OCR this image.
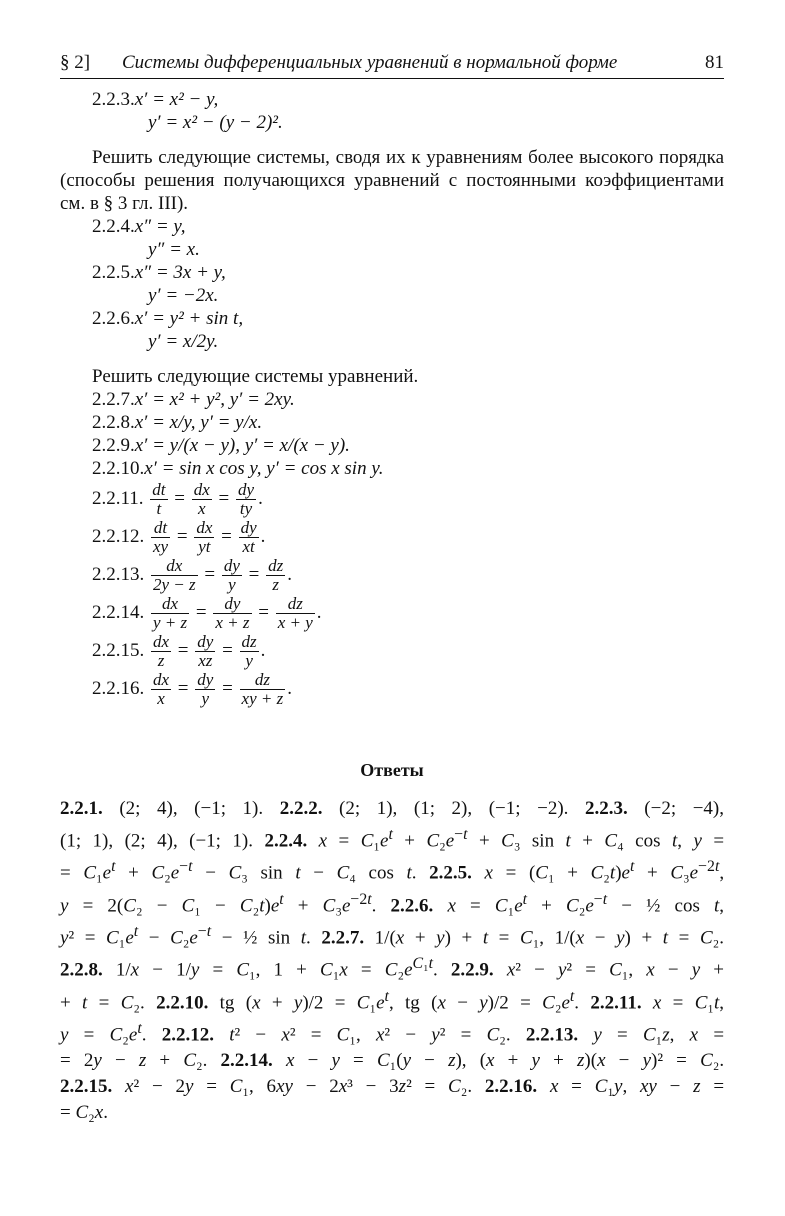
§ 2] Системы дифференциальных уравнений в нормальной форме	81
2.2.3.x′ = x² − y,
y′ = x² − (y − 2)².
Решить следующие системы, сводя их к уравнениям более высокого порядка (способы решения получающихся уравнений с постоянными коэффициентами см. в § 3 гл. III).
2.2.4.x″ = y,
y″ = x.
2.2.5.x″ = 3x + y,
y′ = −2x.
2.2.6.x′ = y² + sin t,
y′ = x/2y.
Решить следующие системы уравнений.
2.2.7.x′ = x² + y², y′ = 2xy.
2.2.8.x′ = x/y, y′ = y/x.
2.2.9.x′ = y/(x − y), y′ = x/(x − y).
2.2.10.x′ = sin x cos y, y′ = cos x sin y.
2.2.11. $\frac{dt}{t} = \frac{dx}{x} = \frac{dy}{ty}$ .
2.2.12. $\frac{dt}{xy} = \frac{dx}{yt} = \frac{dy}{xt}$ .
2.2.13. $\frac{dx}{2y - z} = \frac{dy}{y} = \frac{dz}{z}$ .
2.2.14. $\frac{dx}{y + z} = \frac{dy}{x + z} = \frac{dz}{x + y}$ .
2.2.15. $\frac{dx}{z} = \frac{dy}{xz} = \frac{dz}{y}$ .
2.2.16. $\frac{dx}{x} = \frac{dy}{y} = \frac{dz}{xy + z}$ .
Ответы
2.2.1. (2; 4), (−1; 1). 2.2.2. (2; 1), (1; 2), (−1; −2). 2.2.3. (−2; −4),
(1; 1), (2; 4), (−1; 1). 2.2.4. $x = C_1e^t + C_2e^{-t} + C_3$ sin t + C₄ cos t, y =
= $C_1e^t + C_2e^{-t} - C_3$ sin t − C₄ cos t. 2.2.5. $x = (C_1 + C_2t)e^t + C_3e^{-2t}$,
$y = 2(C_2 - C_1 - C_2t)e^t + C_3e^{-2t}$. 2.2.6. $x = C_1e^t + C_2e^{-t}$ − ½ cos t,
$y^2 = C_1e^t - C_2e^{-t}$ − ½ sin t. 2.2.7. 1/(x + y) + t = C₁, 1/(x − y) + t = C₂.
2.2.8. 1/x − 1/y = C₁, $1 + C_1x = C_2e^{C_1t}$. 2.2.9. x² − y² = C₁, x − y +
+ t = C₂. 2.2.10. tg $(x + y)/2 = C_1e^t$, tg $(x - y)/2 = C_2e^t$. 2.2.11. x = C₁t,
$y = C_2e^t$. 2.2.12. t² − x² = C₁, x² − y² = C₂. 2.2.13. y = C₁z, x =
= 2y − z + C₂. 2.2.14. x − y = C₁(y − z), (x + y + z)(x − y)² = C₂.
2.2.15. x² − 2y = C₁, 6xy − 2x³ − 3z² = C₂. 2.2.16. x = C₁y, xy − z =
= C₂x.
